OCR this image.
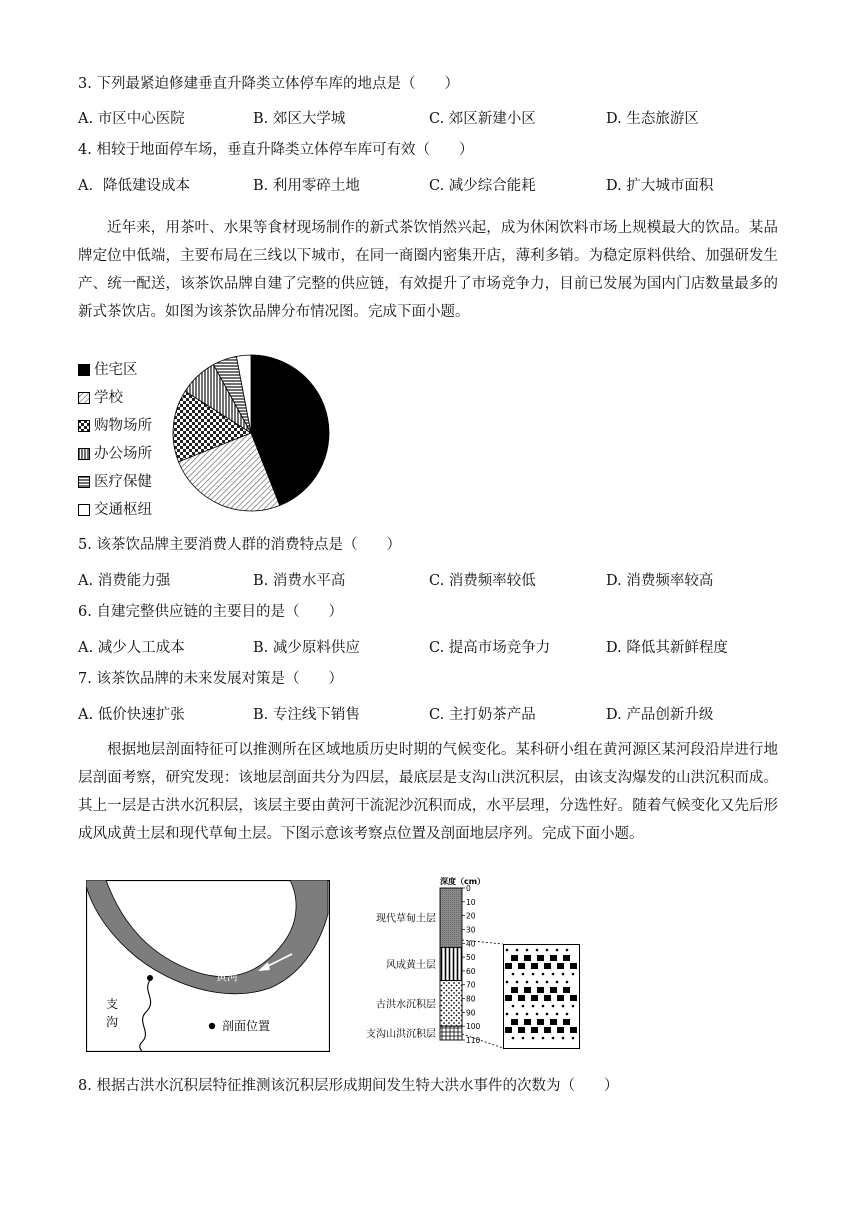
3. 下列最紧迫修建垂直升降类立体停车库的地点是（　　）
A. 市区中心医院	B. 郊区大学城	C. 郊区新建小区	D. 生态旅游区
4. 相较于地面停车场，垂直升降类立体停车库可有效（　　）
A．降低建设成本	B. 利用零碎土地	C. 减少综合能耗	D. 扩大城市面积
近年来，用茶叶、水果等食材现场制作的新式茶饮悄然兴起，成为休闲饮料市场上规模最大的饮品。某品牌定位中低端，主要布局在三线以下城市，在同一商圈内密集开店，薄利多销。为稳定原料供给、加强研发生产、统一配送，该茶饮品牌自建了完整的供应链，有效提升了市场竞争力，目前已发展为国内门店数量最多的新式茶饮店。如图为该茶饮品牌分布情况图。完成下面小题。
住宅区
学校
购物场所
办公场所
医疗保健
交通枢纽
5. 该茶饮品牌主要消费人群的消费特点是（　　）
A. 消费能力强	B. 消费水平高	C. 消费频率较低	D. 消费频率较高
6. 自建完整供应链的主要目的是（　　）
A. 减少人工成本	B. 减少原料供应	C. 提高市场竞争力	D. 降低其新鲜程度
7. 该茶饮品牌的未来发展对策是（　　）
A. 低价快速扩张	B. 专注线下销售	C. 主打奶茶产品	D. 产品创新升级
根据地层剖面特征可以推测所在区域地质历史时期的气候变化。某科研小组在黄河源区某河段沿岸进行地层剖面考察，研究发现：该地层剖面共分为四层，最底层是支沟山洪沉积层，由该支沟爆发的山洪沉积而成。其上一层是古洪水沉积层，该层主要由黄河干流泥沙沉积而成，水平层理，分选性好。随着气候变化又先后形成风成黄土层和现代草甸土层。下图示意该考察点位置及剖面地层序列。完成下面小题。
黄河
支 沟	剖面位置
深度（cm）
0
10
20
30
40
50
60
70
80
90
100
110
现代草甸土层
风成黄土层
古洪水沉积层
支沟山洪沉积层
8. 根据古洪水沉积层特征推测该沉积层形成期间发生特大洪水事件的次数为（　　）
